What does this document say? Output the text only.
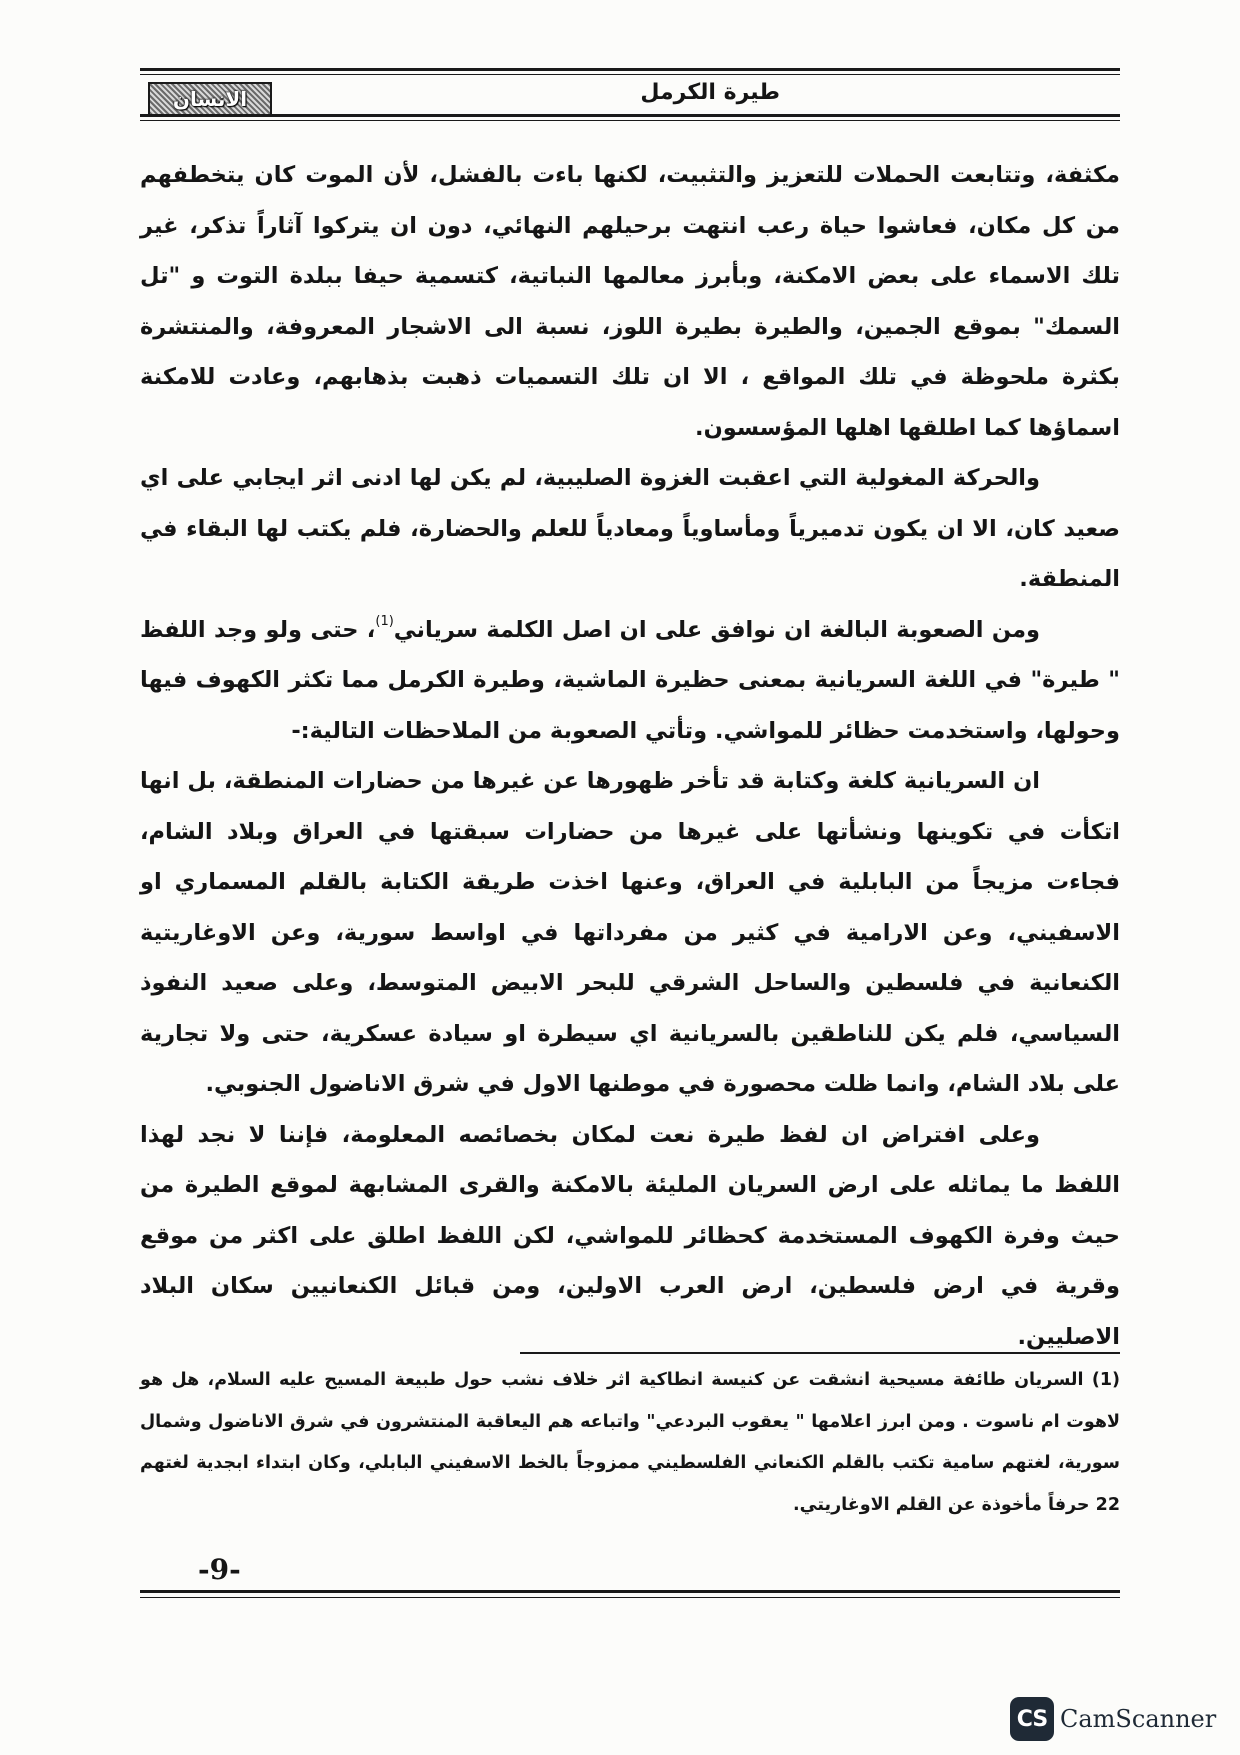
الانسان	طيرة الكرمل

مكثفة، وتتابعت الحملات للتعزيز والتثبيت، لكنها باءت بالفشل، لأن الموت كان يتخطفهم من كل مكان، فعاشوا حياة رعب انتهت برحيلهم النهائي، دون ان يتركوا آثاراً تذكر، غير تلك الاسماء على بعض الامكنة، وبأبرز معالمها النباتية، كتسمية حيفا ببلدة التوت و "تل السمك" بموقع الجمين، والطيرة بطيرة اللوز، نسبة الى الاشجار المعروفة، والمنتشرة بكثرة ملحوظة في تلك المواقع ، الا ان تلك التسميات ذهبت بذهابهم، وعادت للامكنة اسماؤها كما اطلقها اهلها المؤسسون.

والحركة المغولية التي اعقبت الغزوة الصليبية، لم يكن لها ادنى اثر ايجابي على اي صعيد كان، الا ان يكون تدميرياً ومأساوياً ومعادياً للعلم والحضارة، فلم يكتب لها البقاء في المنطقة.

ومن الصعوبة البالغة ان نوافق على ان اصل الكلمة سرياني$^{(1)}$، حتى ولو وجد اللفظ " طيرة" في اللغة السريانية بمعنى حظيرة الماشية، وطيرة الكرمل مما تكثر الكهوف فيها وحولها، واستخدمت حظائر للمواشي. وتأتي الصعوبة من الملاحظات التالية:-

ان السريانية كلغة وكتابة قد تأخر ظهورها عن غيرها من حضارات المنطقة، بل انها اتكأت في تكوينها ونشأتها على غيرها من حضارات سبقتها في العراق وبلاد الشام، فجاءت مزيجاً من البابلية في العراق، وعنها اخذت طريقة الكتابة بالقلم المسماري او الاسفيني، وعن الارامية في كثير من مفرداتها في اواسط سورية، وعن الاوغاريتية الكنعانية في فلسطين والساحل الشرقي للبحر الابيض المتوسط، وعلى صعيد النفوذ السياسي، فلم يكن للناطقين بالسريانية اي سيطرة او سيادة عسكرية، حتى ولا تجارية على بلاد الشام، وانما ظلت محصورة في موطنها الاول في شرق الاناضول الجنوبي.

وعلى افتراض ان لفظ طيرة نعت لمكان بخصائصه المعلومة، فإننا لا نجد لهذا اللفظ ما يماثله على ارض السريان المليئة بالامكنة والقرى المشابهة لموقع الطيرة من حيث وفرة الكهوف المستخدمة كحظائر للمواشي، لكن اللفظ اطلق على اكثر من موقع وقرية في ارض فلسطين، ارض العرب الاولين، ومن قبائل الكنعانيين سكان البلاد الاصليين.

(1) السريان طائفة مسيحية انشقت عن كنيسة انطاكية اثر خلاف نشب حول طبيعة المسيح عليه السلام، هل هو لاهوت ام ناسوت . ومن ابرز اعلامها " يعقوب البردعي" واتباعه هم اليعاقبة المنتشرون في شرق الاناضول وشمال سورية، لغتهم سامية تكتب بالقلم الكنعاني الفلسطيني ممزوجاً بالخط الاسفيني البابلي، وكان ابتداء ابجدية لغتهم 22 حرفاً مأخوذة عن القلم الاوغاريتي.

-9-
CS CamScanner
